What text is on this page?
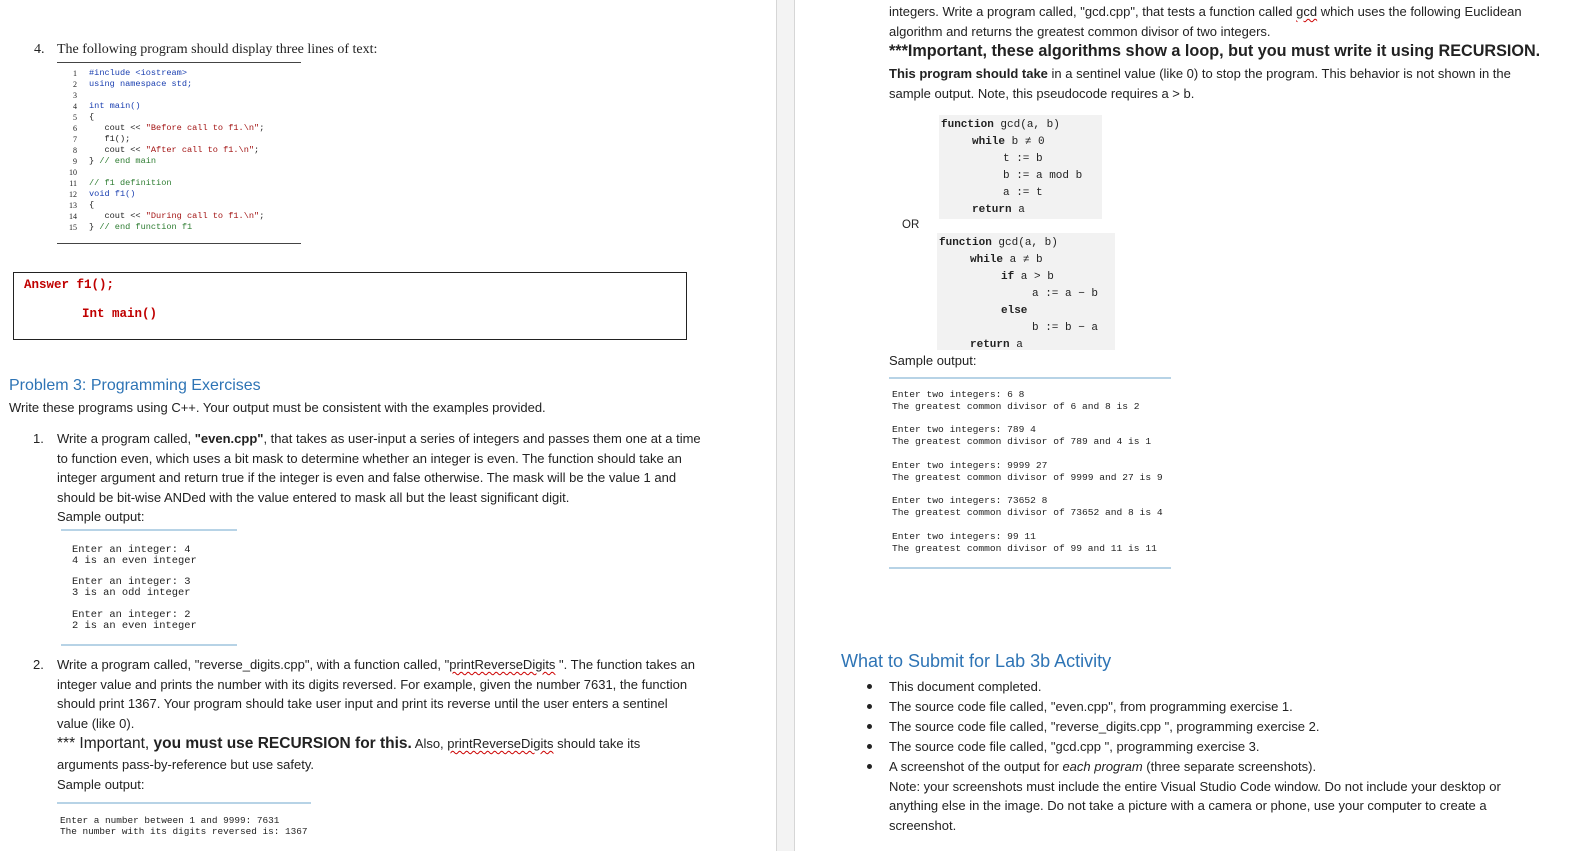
4. The following program should display three lines of text:
1 #include <iostream>
2 using namespace std;
3
4 int main()
5 {
6 cout << "Before call to f1.\n";
7 f1();
8 cout << "After call to f1.\n";
9 } // end main
10
11 // f1 definition
12 void f1()
13 {
14 cout << "During call to f1.\n";
15 } // end function f1
Answer f1();
Int main()
Problem 3: Programming Exercises
Write these programs using C++. Your output must be consistent with the examples provided.
1. Write a program called, "even.cpp", that takes as user-input a series of integers and passes them one at a time
to function even, which uses a bit mask to determine whether an integer is even. The function should take an
integer argument and return true if the integer is even and false otherwise. The mask will be the value 1 and
should be bit-wise ANDed with the value entered to mask all but the least significant digit.
Sample output:
Enter an integer: 4
4 is an even integer
Enter an integer: 3
3 is an odd integer
Enter an integer: 2
2 is an even integer
2. Write a program called, "reverse_digits.cpp", with a function called, "printReverseDigits ". The function takes an
integer value and prints the number with its digits reversed. For example, given the number 7631, the function
should print 1367. Your program should take user input and print its reverse until the user enters a sentinel
value (like 0).
*** Important, you must use RECURSION for this. Also, printReverseDigits should take its
arguments pass-by-reference but use safety.
Sample output:
Enter a number between 1 and 9999: 7631
The number with its digits reversed is: 1367
integers. Write a program called, "gcd.cpp", that tests a function called gcd which uses the following Euclidean
algorithm and returns the greatest common divisor of two integers.
***Important, these algorithms show a loop, but you must write it using RECURSION.
This program should take in a sentinel value (like 0) to stop the program. This behavior is not shown in the
sample output. Note, this pseudocode requires a > b.
function gcd(a, b)
while b ≠ 0
t := b
b := a mod b
a := t
return a
OR
function gcd(a, b)
while a ≠ b
if a > b
a := a − b
else
b := b − a
return a
Sample output:
Enter two integers: 6 8
The greatest common divisor of 6 and 8 is 2
Enter two integers: 789 4
The greatest common divisor of 789 and 4 is 1
Enter two integers: 9999 27
The greatest common divisor of 9999 and 27 is 9
Enter two integers: 73652 8
The greatest common divisor of 73652 and 8 is 4
Enter two integers: 99 11
The greatest common divisor of 99 and 11 is 11
What to Submit for Lab 3b Activity
This document completed.
The source code file called, "even.cpp", from programming exercise 1.
The source code file called, "reverse_digits.cpp ", programming exercise 2.
The source code file called, "gcd.cpp ", programming exercise 3.
A screenshot of the output for each program (three separate screenshots).
Note: your screenshots must include the entire Visual Studio Code window. Do not include your desktop or
anything else in the image. Do not take a picture with a camera or phone, use your computer to create a
screenshot.
